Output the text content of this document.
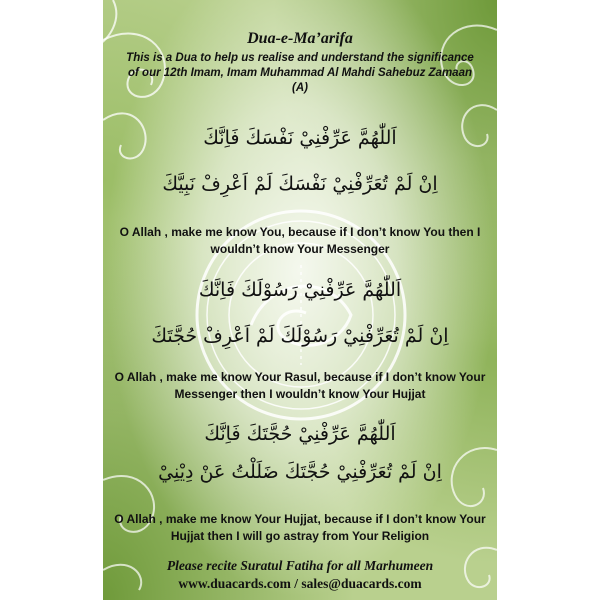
Dua-e-Ma’arifa
This is a Dua to help us realise and understand the significance of our 12th Imam, Imam Muhammad Al Mahdi Sahebuz Zamaan (A)
اَللّٰهُمَّ عَرِّفْنِيْ نَفْسَكَ فَاِنَّكَ
اِنْ لَمْ تُعَرِّفْنِيْ نَفْسَكَ لَمْ اَعْرِفْ نَبِيَّكَ
O Allah , make me know You, because if I don’t know You then I wouldn’t know Your Messenger
اَللّٰهُمَّ عَرِّفْنِيْ رَسُوْلَكَ فَاِنَّكَ
اِنْ لَمْ تُعَرِّفْنِيْ رَسُوْلَكَ لَمْ اَعْرِفْ حُجَّتَكَ
O Allah , make me know Your Rasul, because if I don’t know Your Messenger then I wouldn’t know Your Hujjat
اَللّٰهُمَّ عَرِّفْنِيْ حُجَّتَكَ فَاِنَّكَ
اِنْ لَمْ تُعَرِّفْنِيْ حُجَّتَكَ ضَلَلْتُ عَنْ دِيْنِيْ
O Allah , make me know Your Hujjat, because if I don’t know Your Hujjat then I will go astray from Your Religion
Please recite Suratul Fatiha for all Marhumeen
www.duacards.com / sales@duacards.com
